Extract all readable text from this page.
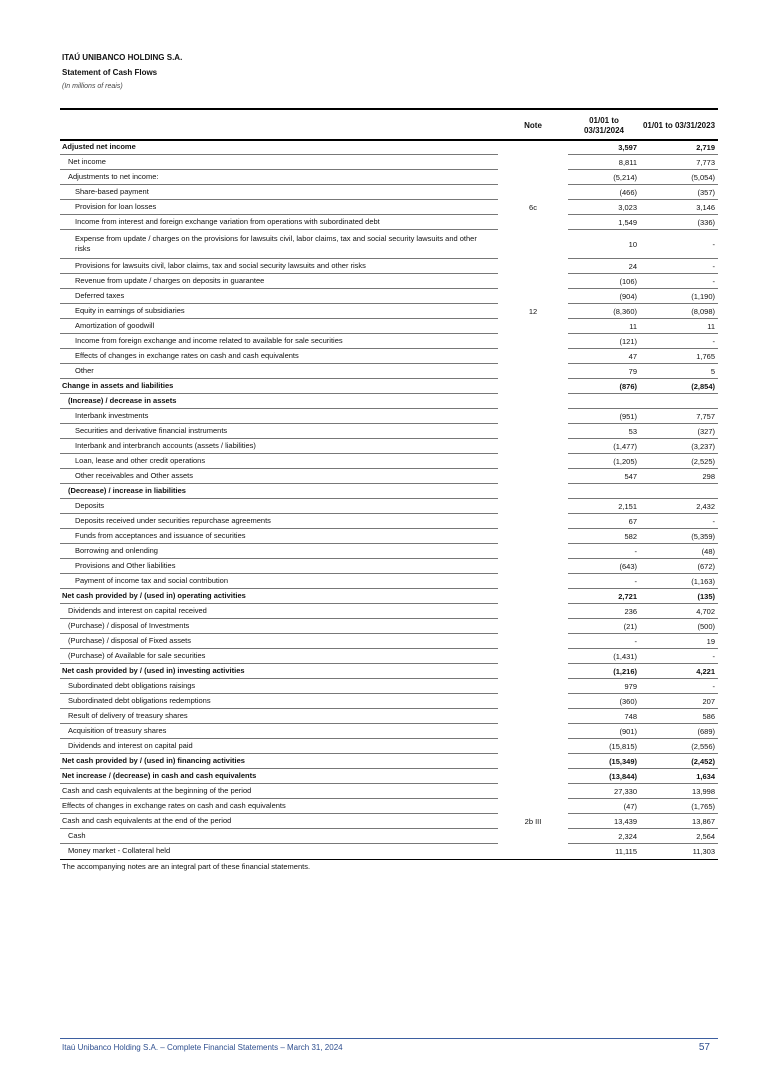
ITAÚ UNIBANCO HOLDING S.A.
Statement of Cash Flows
(In millions of reais)
Note
01/01 to 03/31/2024
01/01 to 03/31/2023
Adjusted net income	3,597	2,719
Net income	8,811	7,773
Adjustments to net income:	(5,214)	(5,054)
Share-based payment	(466)	(357)
Provision for loan losses	6c	3,023	3,146
Income from interest and foreign exchange variation from operations with subordinated debt	1,549	(336)
Expense from update / charges on the provisions for lawsuits civil, labor claims, tax and social security lawsuits and other risks	10	-
Provisions for lawsuits civil, labor claims, tax and social security lawsuits and other risks	24	-
Revenue from update / charges on deposits in guarantee	(106)	-
Deferred taxes	(904)	(1,190)
Equity in earnings of subsidiaries	12	(8,360)	(8,098)
Amortization of goodwill	11	11
Income from foreign exchange and income related to available for sale securities	(121)	-
Effects of changes in exchange rates on cash and cash equivalents	47	1,765
Other	79	5
Change in assets and liabilities	(876)	(2,854)
(Increase) / decrease in assets
Interbank investments	(951)	7,757
Securities and derivative financial instruments	53	(327)
Interbank and interbranch accounts (assets / liabilities)	(1,477)	(3,237)
Loan, lease and other credit operations	(1,205)	(2,525)
Other receivables and Other assets	547	298
(Decrease) / increase in liabilities
Deposits	2,151	2,432
Deposits received under securities repurchase agreements	67	-
Funds from acceptances and issuance of securities	582	(5,359)
Borrowing and onlending	-	(48)
Provisions and Other liabilities	(643)	(672)
Payment of income tax and social contribution	-	(1,163)
Net cash provided by / (used in) operating activities	2,721	(135)
Dividends and interest on capital received	236	4,702
(Purchase) / disposal of Investments	(21)	(500)
(Purchase) / disposal of Fixed assets	-	19
(Purchase) of Available for sale securities	(1,431)	-
Net cash provided by / (used in) investing activities	(1,216)	4,221
Subordinated debt obligations raisings	979	-
Subordinated debt obligations redemptions	(360)	207
Result of delivery of treasury shares	748	586
Acquisition of treasury shares	(901)	(689)
Dividends and interest on capital paid	(15,815)	(2,556)
Net cash provided by / (used in) financing activities	(15,349)	(2,452)
Net increase / (decrease) in cash and cash equivalents	(13,844)	1,634
Cash and cash equivalents at the beginning of the period	27,330	13,998
Effects of changes in exchange rates on cash and cash equivalents	(47)	(1,765)
Cash and cash equivalents at the end of the period	2b III	13,439	13,867
Cash	2,324	2,564
Money market - Collateral held	11,115	11,303
The accompanying notes are an integral part of these financial statements.
Itaú Unibanco Holding S.A. – Complete Financial Statements – March 31, 2024	57
